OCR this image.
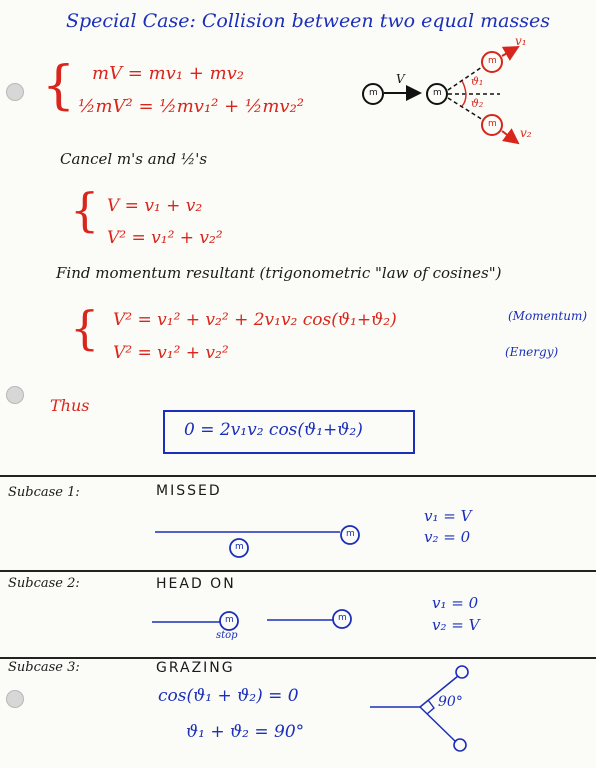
Special Case: Collision between two equal masses
{ mV = mv₁ + mv₂
½mV² = ½mv₁² + ½mv₂²
m	m
m
m
V
v₁
v₂
ϑ₁
ϑ₂
Cancel m's and ½'s
{ V = v₁ + v₂
V² = v₁² + v₂²
Find momentum resultant (trigonometric "law of cosines")
{ V² = v₁² + v₂² + 2v₁v₂ cos(ϑ₁+ϑ₂)
V² = v₁² + v₂²
(Momentum)
(Energy)
Thus
0 = 2v₁v₂ cos(ϑ₁+ϑ₂)
Subcase 1:	MISSED
m
m
v₁ = V
v₂ = 0
Subcase 2:	HEAD ON
m	m
stop
v₁ = 0
v₂ = V
Subcase 3:	GRAZING
cos(ϑ₁ + ϑ₂) = 0
ϑ₁ + ϑ₂ = 90°
90°
